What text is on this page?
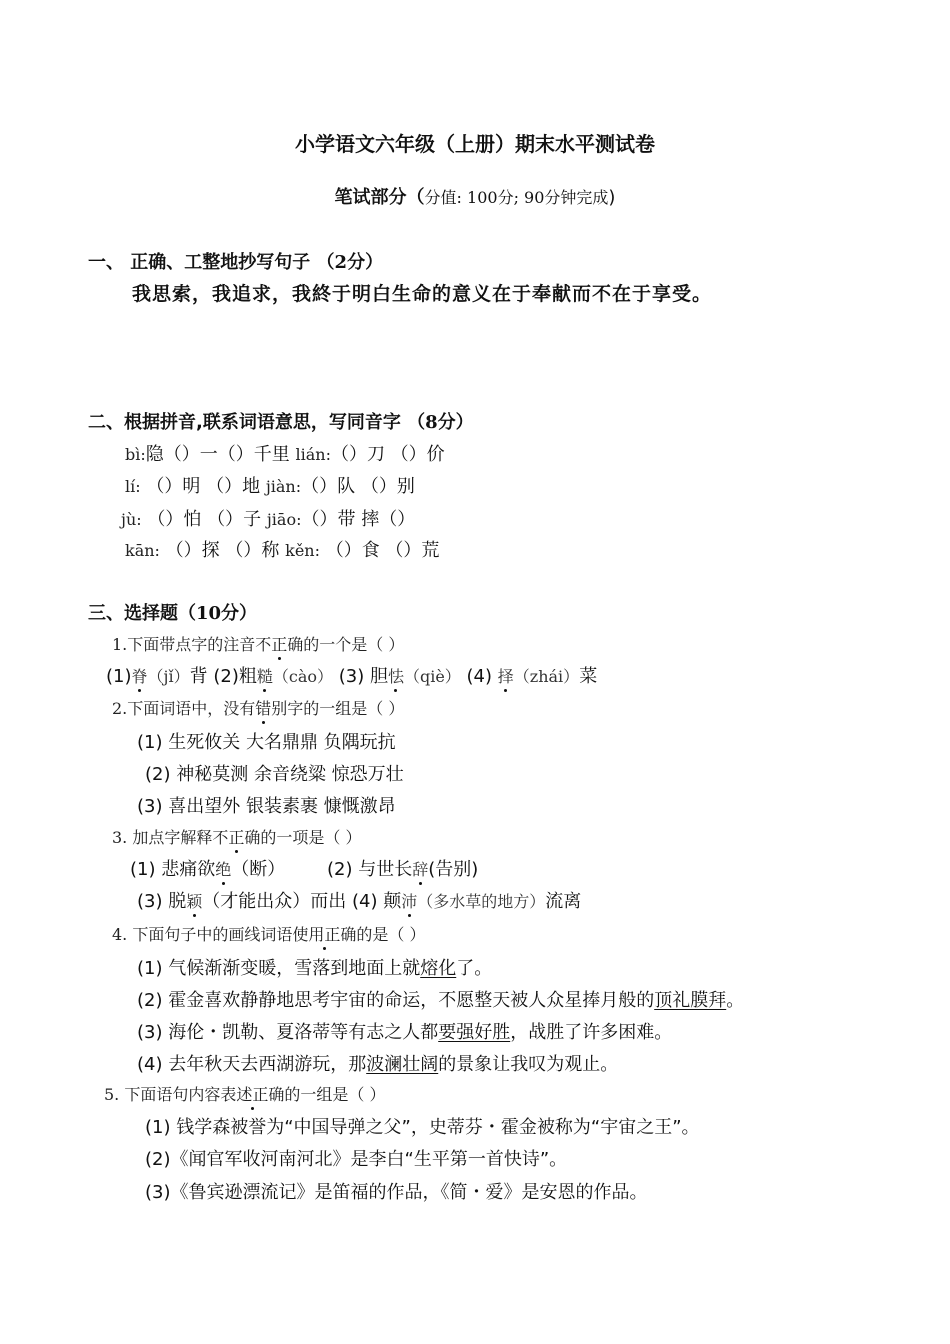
小学语文六年级（上册）期末水平测试卷
笔试部分（分值: 100分; 90分钟完成)
一、 正确、工整地抄写句子 （2分）
我思索，我追求，我終于明白生命的意义在于奉献而不在于享受。
二、根据拼音,联系词语意思，写同音字 （8分）
bì:隐（）一（）千里 lián:（）刀 （）价
lí: （）明 （）地 jiàn:（）队 （）别
jù: （）怕 （）子 jiāo:（）带 摔（）
kān: （）探 （）称 kěn: （）食 （）荒
三、选择题（10分）
1.下面带点字的注音不正确的一个是（ ）
(1)脊（jǐ）背 (2)粗糙（cào） (3) 胆怯（qiè） (4) 择（zhái）菜
2.下面词语中，没有错别字的一组是（ ）
(1) 生死攸关 大名鼎鼎 负隅玩抗
(2) 神秘莫测 余音绕粱 惊恐万壮
(3) 喜出望外 银装素裹 慷慨激昂
3. 加点字解释不正确的一项是（ ）
(1) 悲痛欲绝（断） (2) 与世长辞(告别)
(3) 脱颖（才能出众）而出 (4) 颠沛（多水草的地方）流离
4. 下面句子中的画线词语使用正确的是（ ）
(1) 气候渐渐变暖，雪落到地面上就熔化了。
(2) 霍金喜欢静静地思考宇宙的命运，不愿整天被人众星捧月般的顶礼膜拜。
(3) 海伦・凯勒、夏洛蒂等有志之人都要强好胜，战胜了许多困难。
(4) 去年秋天去西湖游玩，那波澜壮阔的景象让我叹为观止。
5. 下面语句内容表述正确的一组是（ ）
(1) 钱学森被誉为“中国导弹之父”，史蒂芬・霍金被称为“宇宙之王”。
(2)《闻官军收河南河北》是李白“生平第一首快诗”。
(3)《鲁宾逊漂流记》是笛福的作品，《简・爱》是安恩的作品。
